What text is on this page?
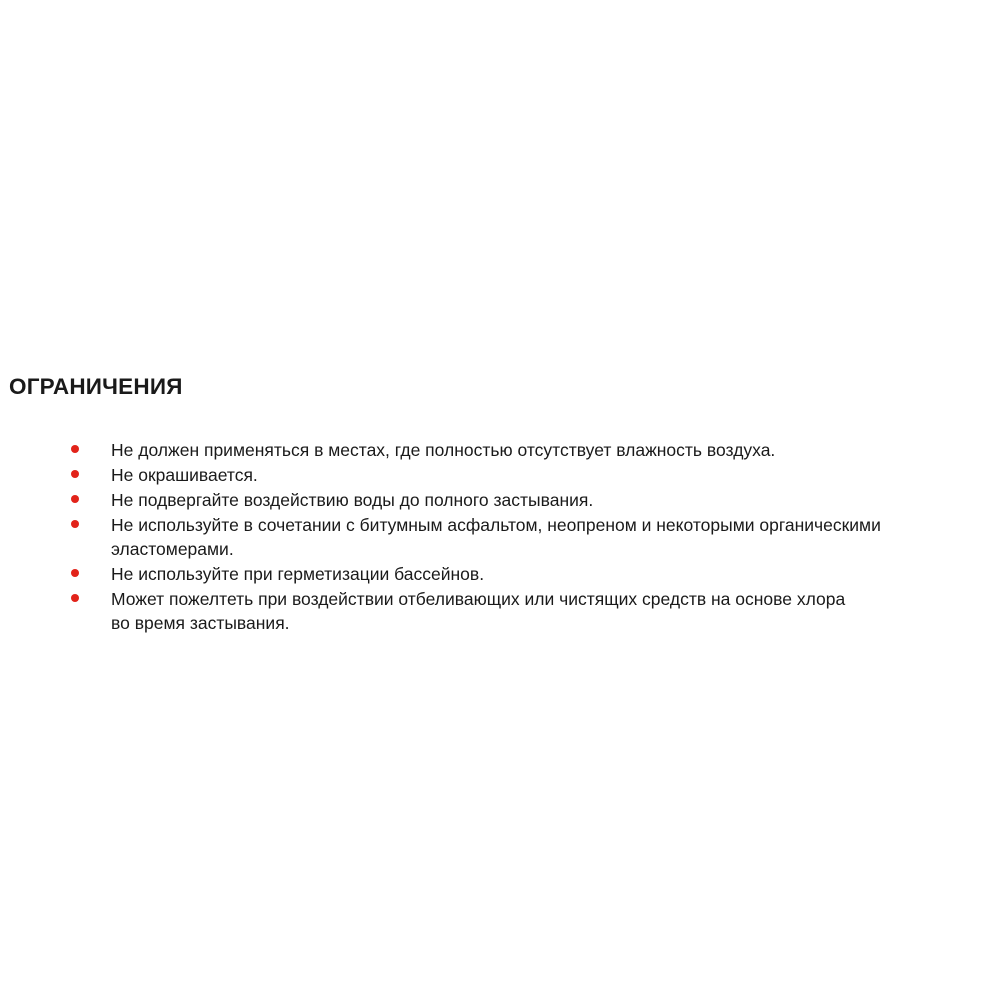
ОГРАНИЧЕНИЯ
Не должен применяться в местах, где полностью отсутствует влажность воздуха.
Не окрашивается.
Не подвергайте воздействию воды до полного застывания.
Не используйте в сочетании с битумным асфальтом, неопреном и некоторыми органическими
эластомерами.
Не используйте при герметизации бассейнов.
Может пожелтеть при воздействии отбеливающих или чистящих средств на основе хлора
во время застывания.
